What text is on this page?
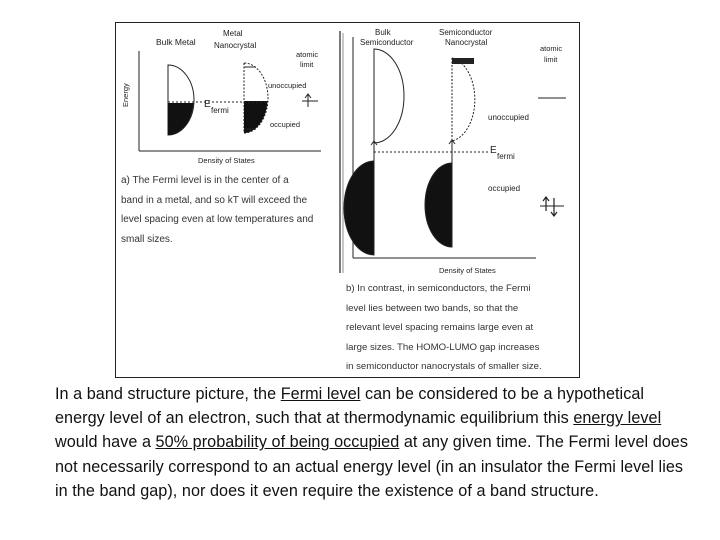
Bulk Metal
Metal
Nanocrystal
atomic
limit
Energy	E
fermi
unoccupied
occupied
Density of States
Bulk
Semiconductor
Semiconductor
Nanocrystal
atomic
limit
E
fermi
unoccupied
occupied
Density of States
a) The Fermi level is in the center of a
band in a metal, and so kT will exceed the
level spacing even at low temperatures and
small sizes.
b) In contrast, in semiconductors, the Fermi
level lies between two bands, so that the
relevant level spacing remains large even at
large sizes. The HOMO-LUMO gap increases
in semiconductor nanocrystals of smaller size.
In a band structure picture, the Fermi level can be considered to be a hypothetical energy level of an electron, such that at thermodynamic equilibrium this energy level would have a 50% probability of being occupied at any given time. The Fermi level does not necessarily correspond to an actual energy level (in an insulator the Fermi level lies in the band gap), nor does it even require the existence of a band structure.
